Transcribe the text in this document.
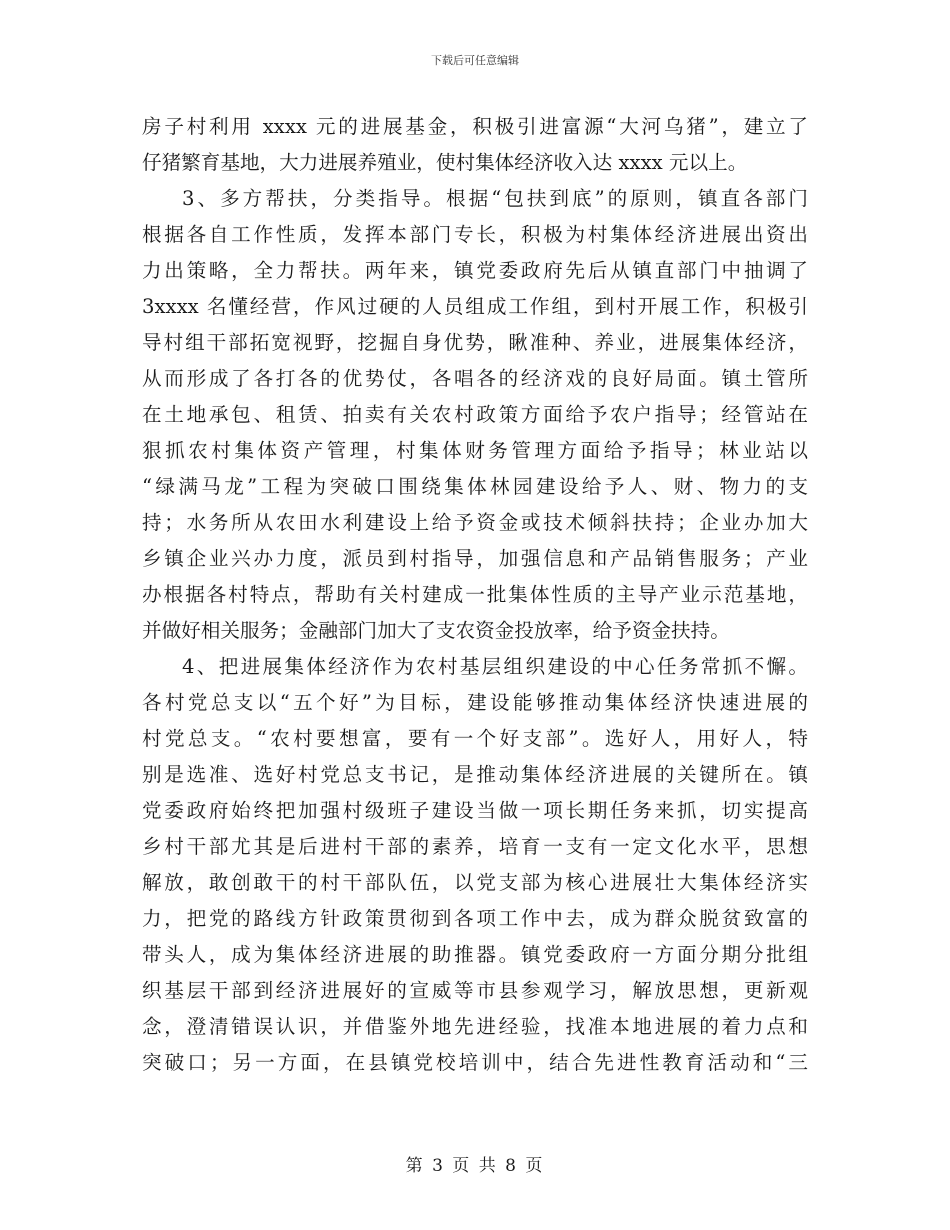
下载后可任意编辑
房子村利用 xxxx 元的进展基金，积极引进富源“大河乌猪”，建立了
仔猪繁育基地，大力进展养殖业，使村集体经济收入达 xxxx 元以上。
3、多方帮扶，分类指导。根据“包扶到底”的原则，镇直各部门
根据各自工作性质，发挥本部门专长，积极为村集体经济进展出资出
力出策略，全力帮扶。两年来，镇党委政府先后从镇直部门中抽调了
3xxxx 名懂经营，作风过硬的人员组成工作组，到村开展工作，积极引
导村组干部拓宽视野，挖掘自身优势，瞅准种、养业，进展集体经济，
从而形成了各打各的优势仗，各唱各的经济戏的良好局面。镇土管所
在土地承包、租赁、拍卖有关农村政策方面给予农户指导；经管站在
狠抓农村集体资产管理，村集体财务管理方面给予指导；林业站以
“绿满马龙”工程为突破口围绕集体林园建设给予人、财、物力的支
持；水务所从农田水利建设上给予资金或技术倾斜扶持；企业办加大
乡镇企业兴办力度，派员到村指导，加强信息和产品销售服务；产业
办根据各村特点，帮助有关村建成一批集体性质的主导产业示范基地，
并做好相关服务；金融部门加大了支农资金投放率，给予资金扶持。
4、把进展集体经济作为农村基层组织建设的中心任务常抓不懈。
各村党总支以“五个好”为目标，建设能够推动集体经济快速进展的
村党总支。“农村要想富，要有一个好支部”。选好人，用好人，特
别是选准、选好村党总支书记，是推动集体经济进展的关键所在。镇
党委政府始终把加强村级班子建设当做一项长期任务来抓，切实提高
乡村干部尤其是后进村干部的素养，培育一支有一定文化水平，思想
解放，敢创敢干的村干部队伍，以党支部为核心进展壮大集体经济实
力，把党的路线方针政策贯彻到各项工作中去，成为群众脱贫致富的
带头人，成为集体经济进展的助推器。镇党委政府一方面分期分批组
织基层干部到经济进展好的宣威等市县参观学习，解放思想，更新观
念，澄清错误认识，并借鉴外地先进经验，找准本地进展的着力点和
突破口；另一方面，在县镇党校培训中，结合先进性教育活动和“三
第 3 页 共 8 页
